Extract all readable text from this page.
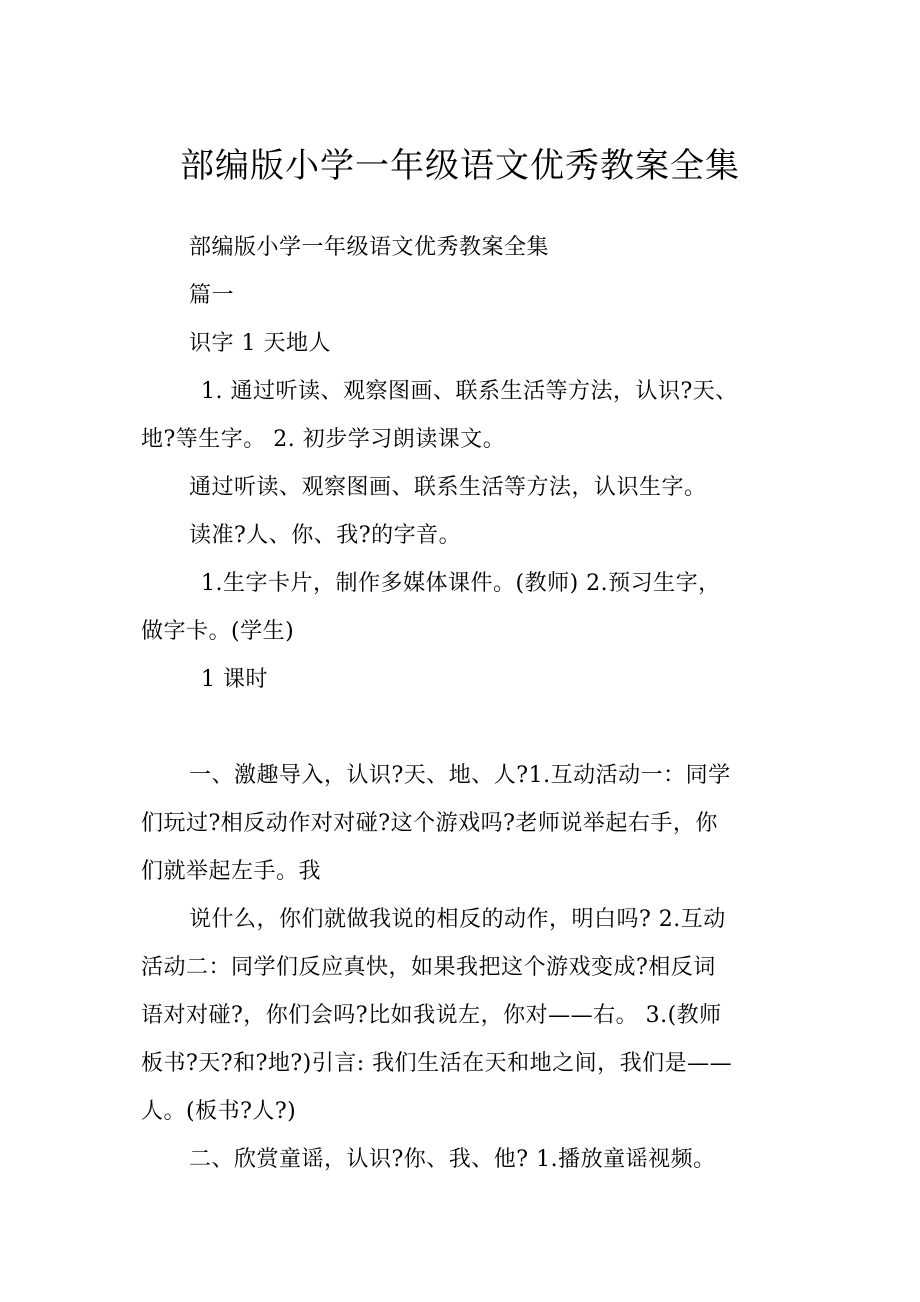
部编版小学一年级语文优秀教案全集

部编版小学一年级语文优秀教案全集

篇一

识字 1 天地人

1. 通过听读、观察图画、联系生活等方法，认识?天、
地?等生字。 2. 初步学习朗读课文。

通过听读、观察图画、联系生活等方法，认识生字。

读准?人、你、我?的字音。

1.生字卡片，制作多媒体课件。(教师) 2.预习生字，
做字卡。(学生)

1 课时

一、激趣导入，认识?天、地、人?1.互动活动一：同学
们玩过?相反动作对对碰?这个游戏吗?老师说举起右手，你
们就举起左手。我

说什么，你们就做我说的相反的动作，明白吗? 2.互动
活动二：同学们反应真快，如果我把这个游戏变成?相反词
语对对碰?，你们会吗?比如我说左，你对——右。 3.(教师
板书?天?和?地?)引言: 我们生活在天和地之间，我们是——
人。(板书?人?)

二、欣赏童谣，认识?你、我、他? 1.播放童谣视频。
